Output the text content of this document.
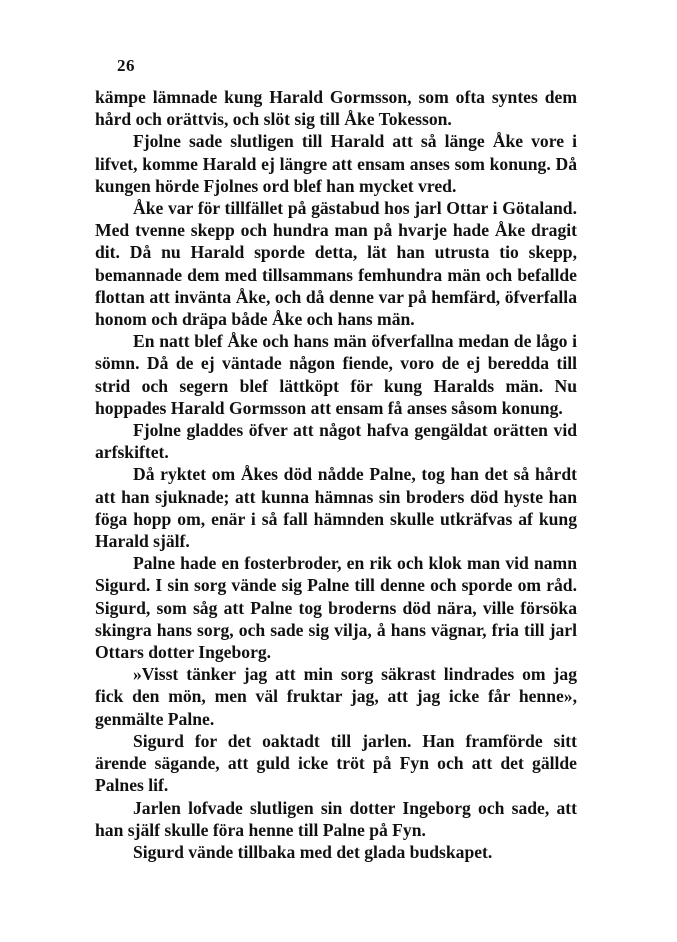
26

kämpe lämnade kung Harald Gormsson, som ofta syntes dem hård och orättvis, och slöt sig till Åke Tokesson.

Fjolne sade slutligen till Harald att så länge Åke vore i lifvet, komme Harald ej längre att ensam anses som konung. Då kungen hörde Fjolnes ord blef han mycket vred.

Åke var för tillfället på gästabud hos jarl Ottar i Götaland. Med tvenne skepp och hundra man på hvarje hade Åke dragit dit. Då nu Harald sporde detta, lät han utrusta tio skepp, bemannade dem med tillsammans femhundra män och befallde flottan att invänta Åke, och då denne var på hemfärd, öfverfalla honom och dräpa både Åke och hans män.

En natt blef Åke och hans män öfverfallna medan de lågo i sömn. Då de ej väntade någon fiende, voro de ej beredda till strid och segern blef lättköpt för kung Haralds män. Nu hoppades Harald Gormsson att ensam få anses såsom konung.

Fjolne gladdes öfver att något hafva gengäldat orätten vid arfskiftet.

Då ryktet om Åkes död nådde Palne, tog han det så hårdt att han sjuknade; att kunna hämnas sin broders död hyste han föga hopp om, enär i så fall hämnden skulle utkräfvas af kung Harald själf.

Palne hade en fosterbroder, en rik och klok man vid namn Sigurd. I sin sorg vände sig Palne till denne och sporde om råd. Sigurd, som såg att Palne tog broderns död nära, ville försöka skingra hans sorg, och sade sig vilja, å hans vägnar, fria till jarl Ottars dotter Ingeborg.

»Visst tänker jag att min sorg säkrast lindrades om jag fick den mön, men väl fruktar jag, att jag icke får henne», genmälte Palne.

Sigurd for det oaktadt till jarlen. Han framförde sitt ärende sägande, att guld icke tröt på Fyn och att det gällde Palnes lif.

Jarlen lofvade slutligen sin dotter Ingeborg och sade, att han själf skulle föra henne till Palne på Fyn.

Sigurd vände tillbaka med det glada budskapet.
